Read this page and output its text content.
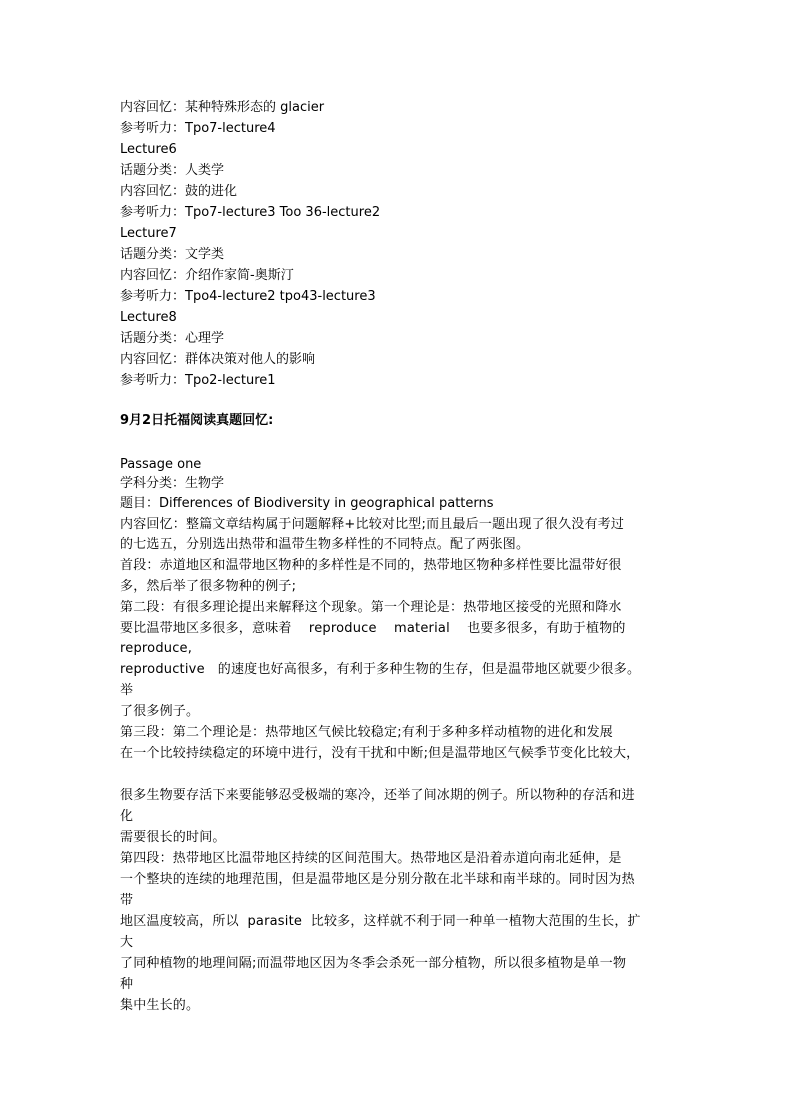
内容回忆：某种特殊形态的 glacier
参考听力：Tpo7-lecture4
Lecture6
话题分类：人类学
内容回忆：鼓的进化
参考听力：Tpo7-lecture3 Too 36-lecture2
Lecture7
话题分类：文学类
内容回忆：介绍作家简-奥斯汀
参考听力：Tpo4-lecture2 tpo43-lecture3
Lecture8
话题分类：心理学
内容回忆：群体决策对他人的影响
参考听力：Tpo2-lecture1
9月2日托福阅读真题回忆:
Passage one
学科分类：生物学
题目：Differences of Biodiversity in geographical patterns
内容回忆：整篇文章结构属于问题解释+比较对比型;而且最后一题出现了很久没有考过
的七选五，分别选出热带和温带生物多样性的不同特点。配了两张图。
首段：赤道地区和温带地区物种的多样性是不同的，热带地区物种多样性要比温带好很
多，然后举了很多物种的例子;
第二段：有很多理论提出来解释这个现象。第一个理论是：热带地区接受的光照和降水
要比温带地区多很多，意味着    reproduce    material    也要多很多，有助于植物的
reproduce,
reproductive   的速度也好高很多，有利于多种生物的生存，但是温带地区就要少很多。
举
了很多例子。
第三段：第二个理论是：热带地区气候比较稳定;有利于多种多样动植物的进化和发展
在一个比较持续稳定的环境中进行，没有干扰和中断;但是温带地区气候季节变化比较大，
很多生物要存活下来要能够忍受极端的寒冷，还举了间冰期的例子。所以物种的存活和进
化
需要很长的时间。
第四段：热带地区比温带地区持续的区间范围大。热带地区是沿着赤道向南北延伸，是
一个整块的连续的地理范围，但是温带地区是分别分散在北半球和南半球的。同时因为热
带
地区温度较高，所以  parasite  比较多，这样就不利于同一种单一植物大范围的生长，扩
大
了同种植物的地理间隔;而温带地区因为冬季会杀死一部分植物，所以很多植物是单一物
种
集中生长的。
